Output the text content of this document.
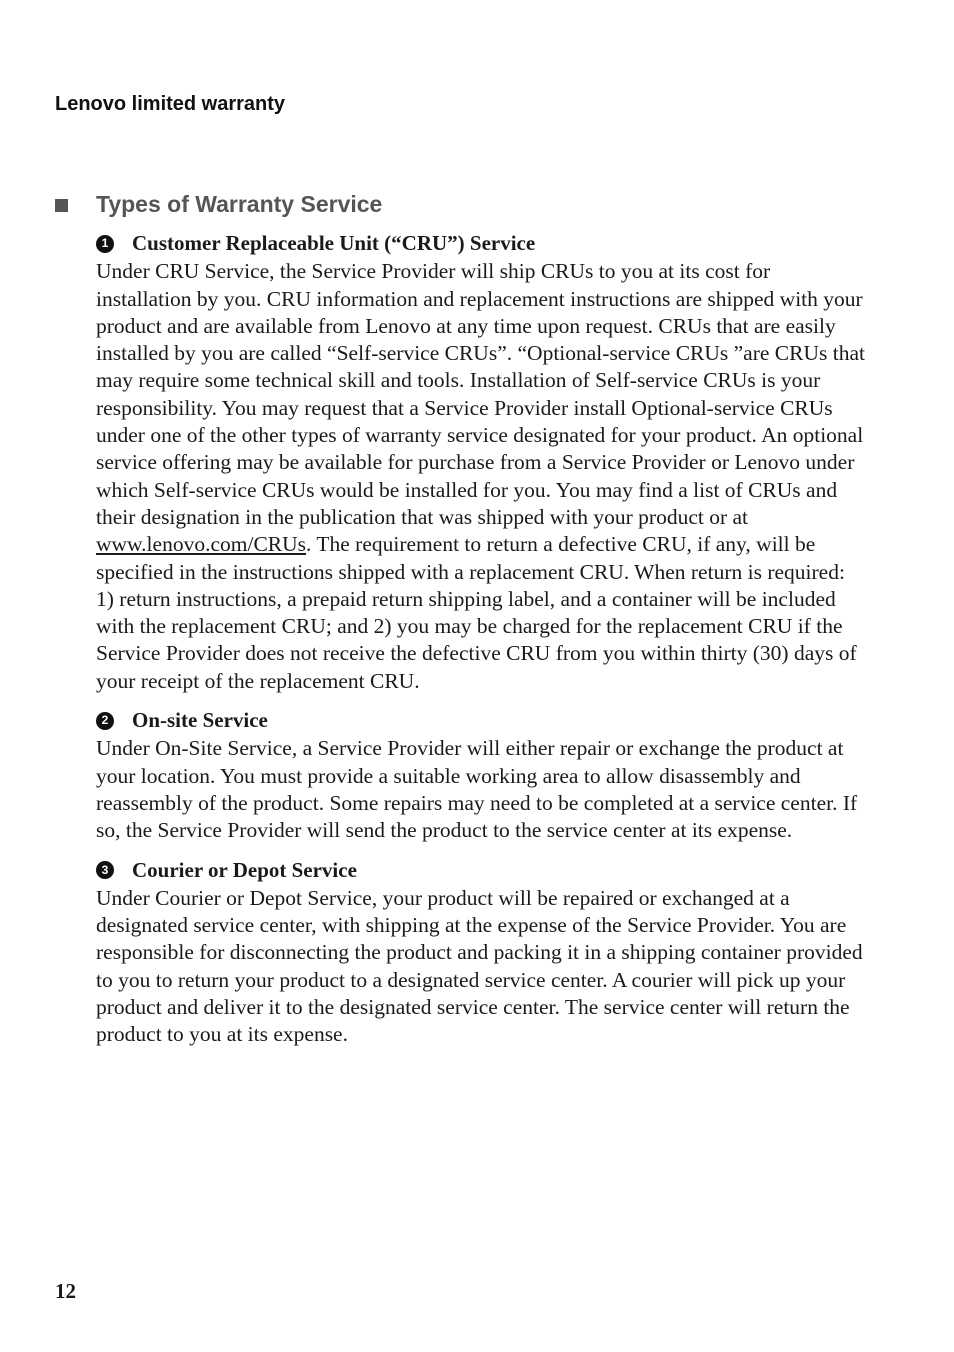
Lenovo limited warranty
Types of Warranty Service
1 Customer Replaceable Unit (“CRU”) Service

Under CRU Service, the Service Provider will ship CRUs to you at its cost for installation by you. CRU information and replacement instructions are shipped with your product and are available from Lenovo at any time upon request. CRUs that are easily installed by you are called “Self-service CRUs”. “Optional-service CRUs ”are CRUs that may require some technical skill and tools. Installation of Self-service CRUs is your responsibility. You may request that a Service Provider install Optional-service CRUs under one of the other types of warranty service designated for your product. An optional service offering may be available for purchase from a Service Provider or Lenovo under which Self-service CRUs would be installed for you. You may find a list of CRUs and their designation in the publication that was shipped with your product or at www.lenovo.com/CRUs. The requirement to return a defective CRU, if any, will be specified in the instructions shipped with a replacement CRU. When return is required: 1) return instructions, a prepaid return shipping label, and a container will be included with the replacement CRU; and 2) you may be charged for the replacement CRU if the Service Provider does not receive the defective CRU from you within thirty (30) days of your receipt of the replacement CRU.

2 On-site Service

Under On-Site Service, a Service Provider will either repair or exchange the product at your location. You must provide a suitable working area to allow disassembly and reassembly of the product. Some repairs may need to be completed at a service center. If so, the Service Provider will send the product to the service center at its expense.

3 Courier or Depot Service

Under Courier or Depot Service, your product will be repaired or exchanged at a designated service center, with shipping at the expense of the Service Provider. You are responsible for disconnecting the product and packing it in a shipping container provided to you to return your product to a designated service center. A courier will pick up your product and deliver it to the designated service center. The service center will return the product to you at its expense.

12
